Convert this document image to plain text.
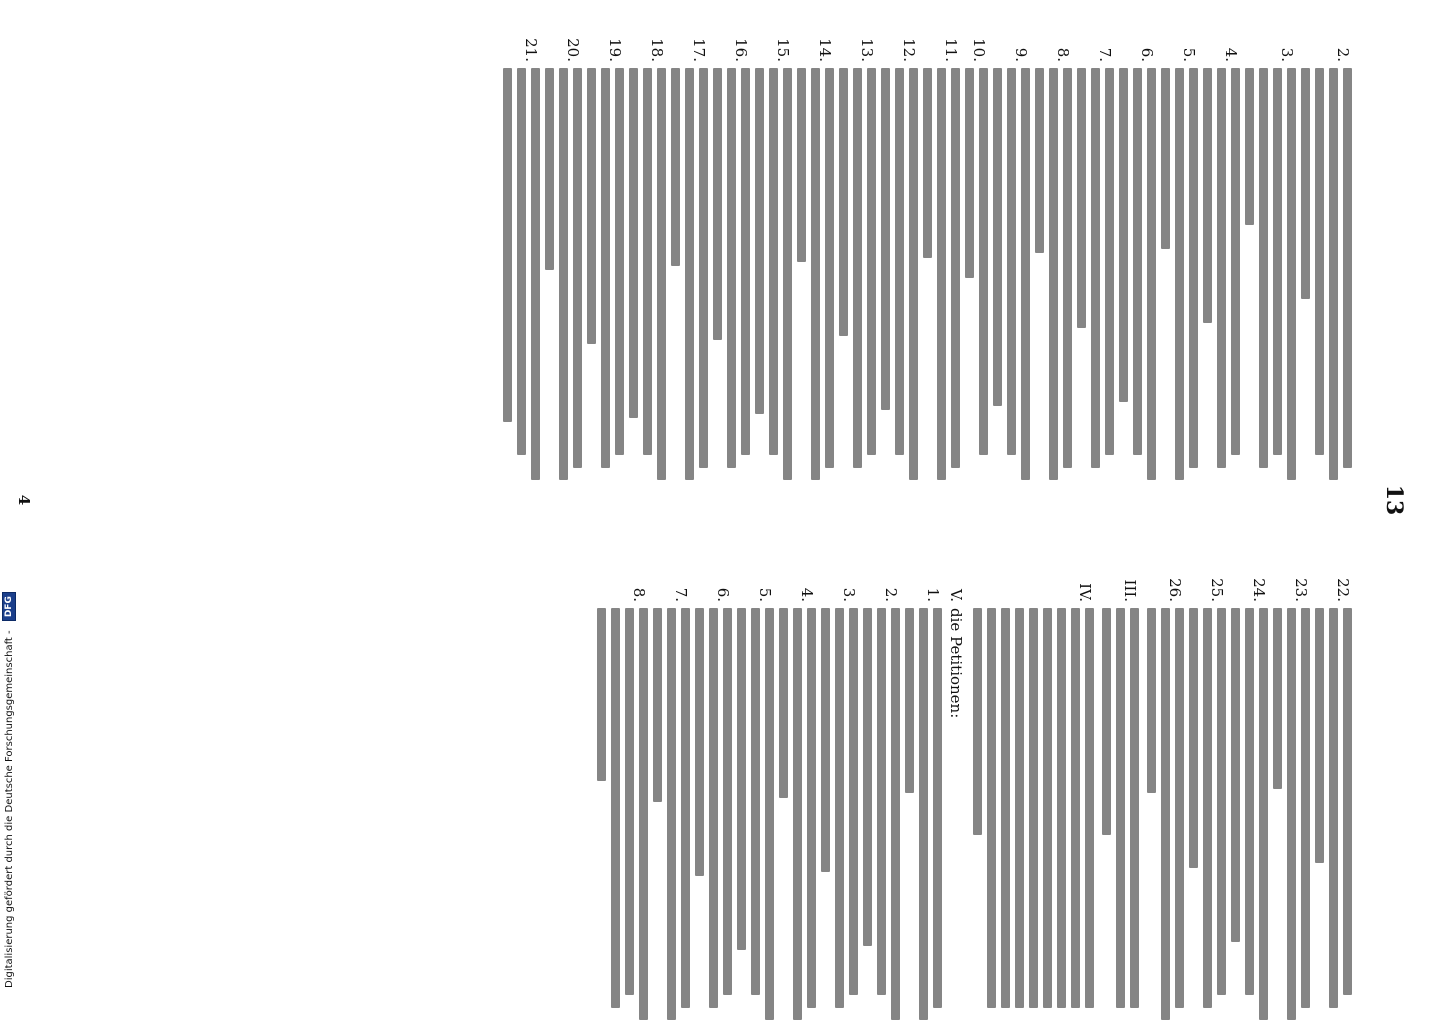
13
2.
3.
4.
5.
6.
7.
8.
9.
10.
11.
12.
13.
14.
15.
16.
17.
18.
19.
20.
21.
22.
23.
24.
25.
26.
III.
IV.
V.
die Petitionen:
1.
2.
3.
4.
5.
6.
7.
8.
4
Digitalisierung gefördert durch die Deutsche Forschungsgemeinschaft - DFG
